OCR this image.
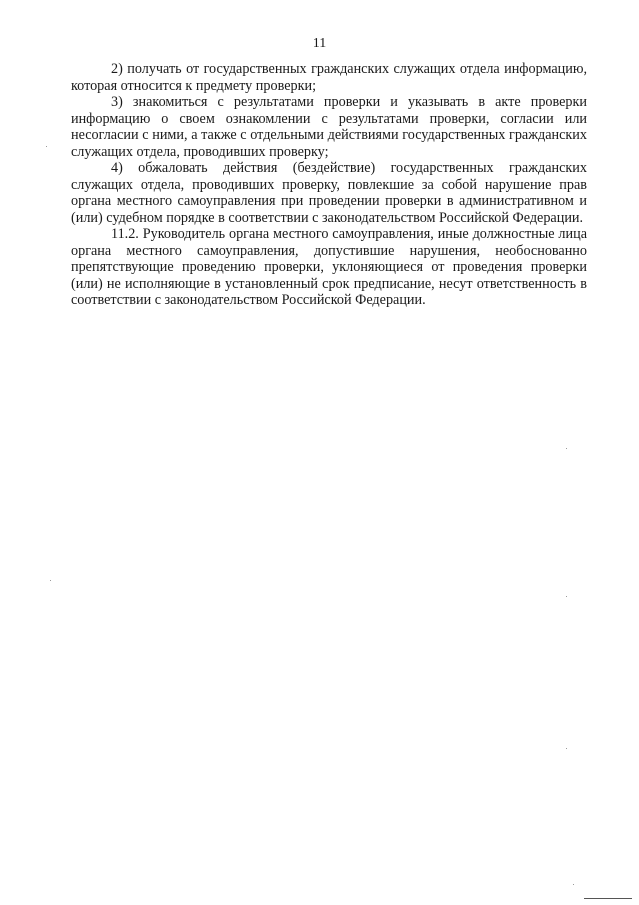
11

2) получать от государственных гражданских служащих отдела информацию, которая относится к предмету проверки;

3) знакомиться с результатами проверки и указывать в акте проверки информацию о своем ознакомлении с результатами проверки, согласии или несогласии с ними, а также с отдельными действиями государственных гражданских служащих отдела, проводивших проверку;

4) обжаловать действия (бездействие) государственных гражданских служащих отдела, проводивших проверку, повлекшие за собой нарушение прав органа местного самоуправления при проведении проверки в административном и (или) судебном порядке в соответствии с законодательством Российской Федерации.

11.2. Руководитель органа местного самоуправления, иные должностные лица органа местного самоуправления, допустившие нарушения, необоснованно препятствующие проведению проверки, уклоняющиеся от проведения проверки (или) не исполняющие в установленный срок предписание, несут ответственность в соответствии с законодательством Российской Федерации.
